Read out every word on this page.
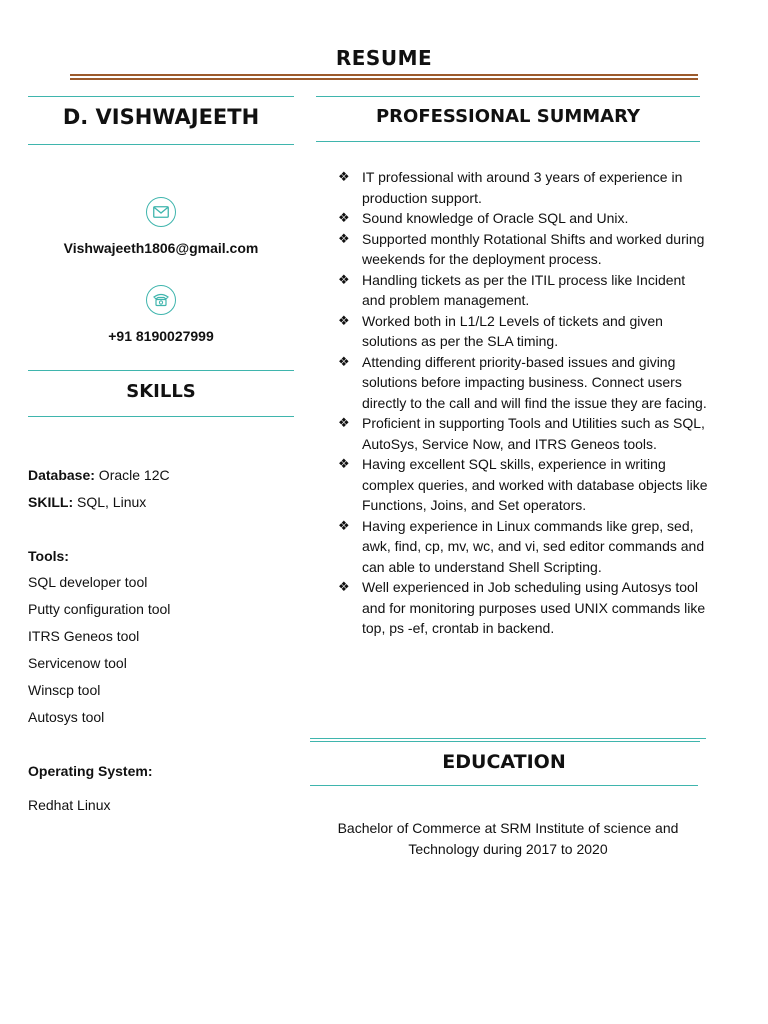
RESUME
D. VISHWAJEETH
Vishwajeeth1806@gmail.com
+91 8190027999
SKILLS
Database: Oracle 12C
SKILL: SQL, Linux
Tools:
SQL developer tool
Putty configuration tool
ITRS Geneos tool
Servicenow tool
Winscp tool
Autosys tool
Operating System:
Redhat Linux
PROFESSIONAL SUMMARY
❖ IT professional with around 3 years of experience in production support.
❖ Sound knowledge of Oracle SQL and Unix.
❖ Supported monthly Rotational Shifts and worked during weekends for the deployment process.
❖ Handling tickets as per the ITIL process like Incident and problem management.
❖ Worked both in L1/L2 Levels of tickets and given solutions as per the SLA timing.
❖ Attending different priority-based issues and giving solutions before impacting business. Connect users directly to the call and will find the issue they are facing.
❖ Proficient in supporting Tools and Utilities such as SQL, AutoSys, Service Now, and ITRS Geneos tools.
❖ Having excellent SQL skills, experience in writing complex queries, and worked with database objects like Functions, Joins, and Set operators.
❖ Having experience in Linux commands like grep, sed, awk, find, cp, mv, wc, and vi, sed editor commands and can able to understand Shell Scripting.
❖ Well experienced in Job scheduling using Autosys tool and for monitoring purposes used UNIX commands like top, ps -ef, crontab in backend.
EDUCATION
Bachelor of Commerce at SRM Institute of science and Technology during 2017 to 2020
